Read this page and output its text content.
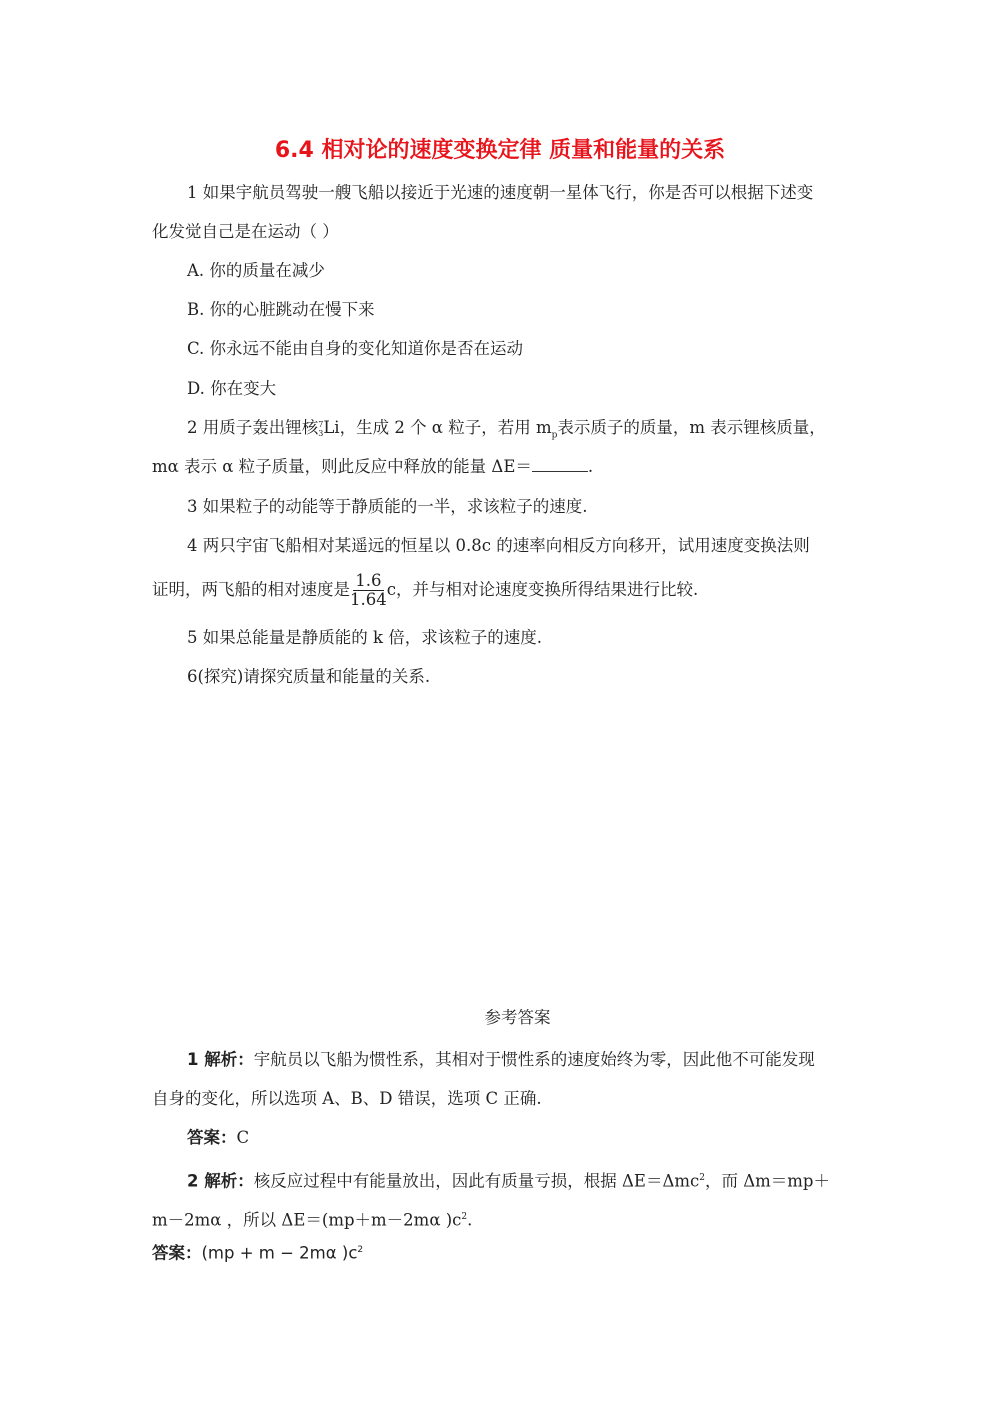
6.4 相对论的速度变换定律 质量和能量的关系
1 如果宇航员驾驶一艘飞船以接近于光速的速度朝一星体飞行，你是否可以根据下述变
化发觉自己是在运动（ ）
A. 你的质量在减少
B. 你的心脏跳动在慢下来
C. 你永远不能由自身的变化知道你是否在运动
D. 你在变大
2 用质子轰出锂核 7
3 Li，生成 2 个 α 粒子，若用 $m_p$表示质子的质量，m 表示锂核质量，
mα 表示 α 粒子质量，则此反应中释放的能量 ΔE＝	.
3 如果粒子的动能等于静质能的一半，求该粒子的速度.
4 两只宇宙飞船相对某遥远的恒星以 0.8c 的速率向相反方向移开，试用速度变换法则
证明，两飞船的相对速度是 $\frac{1.6}{1.64}$ c，并与相对论速度变换所得结果进行比较.
5 如果总能量是静质能的 k 倍，求该粒子的速度.
6(探究)请探究质量和能量的关系.
参考答案
1 解析：宇航员以飞船为惯性系，其相对于惯性系的速度始终为零，因此他不可能发现
自身的变化，所以选项 A、B、D 错误，选项 C 正确.
答案：C
2 解析：核反应过程中有能量放出，因此有质量亏损，根据 ΔE＝Δmc$^2$，而 Δm＝mp＋
m－2mα ，所以 ΔE＝(mp＋m－2mα )$c^2$.
答案：(mp + m − 2mα )$c^2$
